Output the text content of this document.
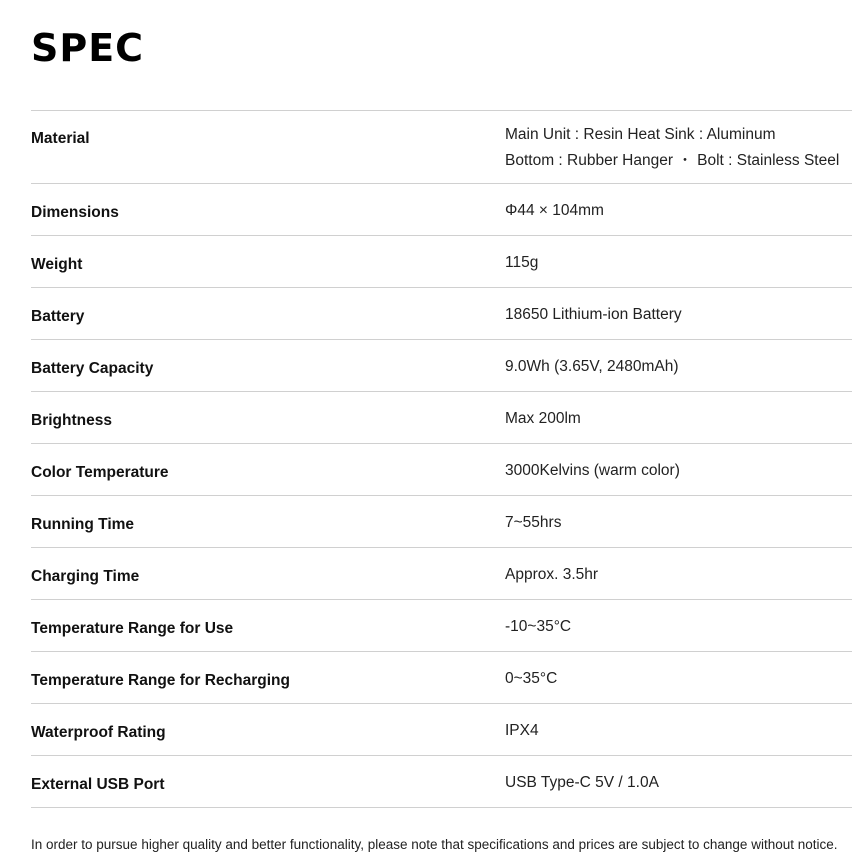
SPEC
Material	Main Unit : Resin Heat Sink : Aluminum
Bottom : Rubber Hanger ・ Bolt : Stainless Steel
Dimensions	Φ44 × 104mm
Weight	115g
Battery	18650 Lithium-ion Battery
Battery Capacity	9.0Wh (3.65V, 2480mAh)
Brightness	Max 200lm
Color Temperature	3000Kelvins (warm color)
Running Time	7~55hrs
Charging Time	Approx. 3.5hr
Temperature Range for Use	-10~35°C
Temperature Range for Recharging	0~35°C
Waterproof Rating	IPX4
External USB Port	USB Type-C 5V / 1.0A

In order to pursue higher quality and better functionality, please note that specifications and prices are subject to change without notice.
